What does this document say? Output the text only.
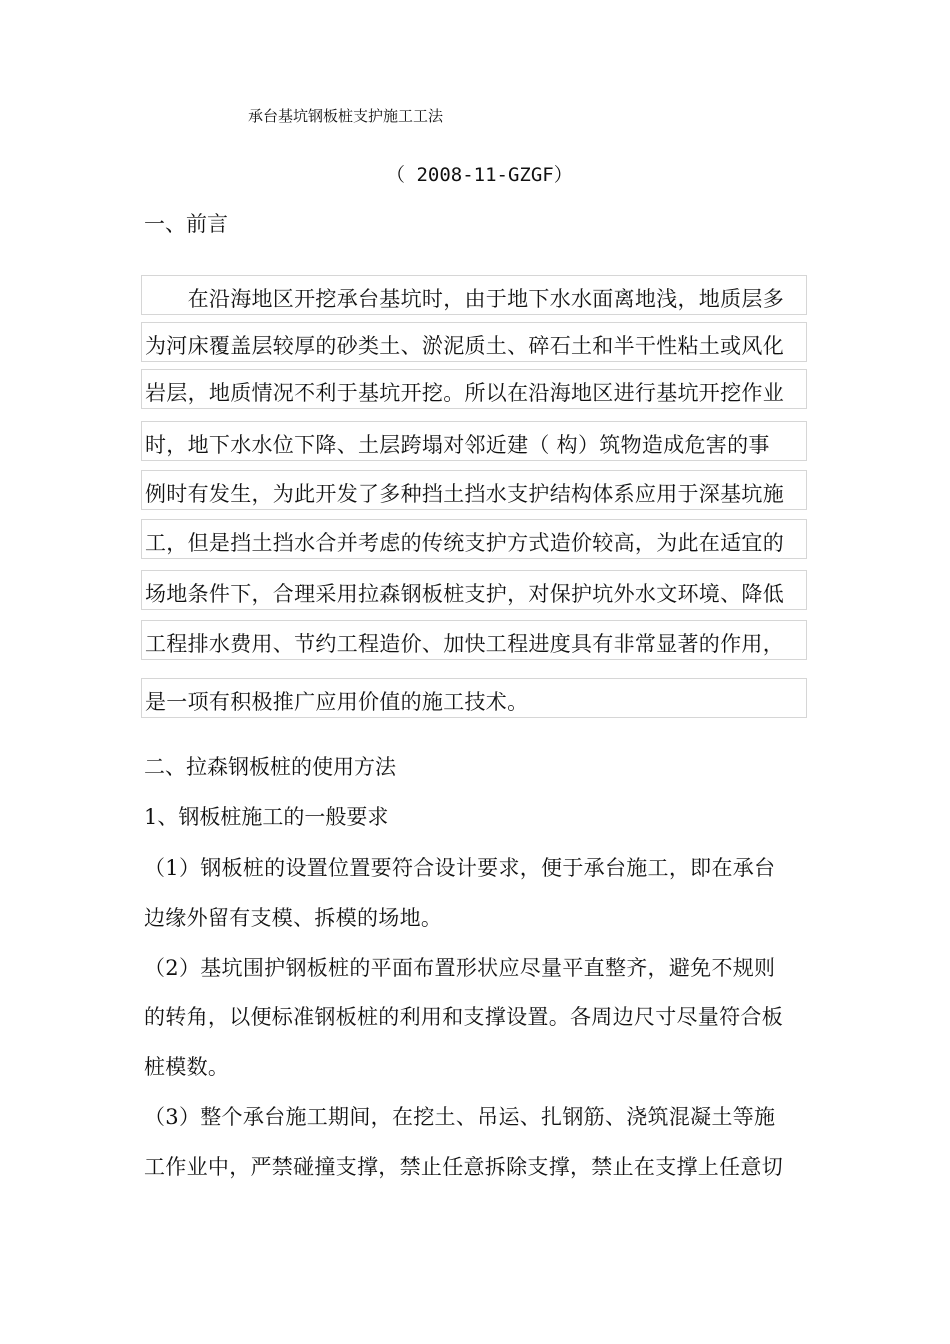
承台基坑钢板桩支护施工工法
（ 2008-11-GZGF）
一、前言
　　在沿海地区开挖承台基坑时，由于地下水水面离地浅，地质层多
为河床覆盖层较厚的砂类土、淤泥质土、碎石土和半干性粘土或风化
岩层，地质情况不利于基坑开挖。所以在沿海地区进行基坑开挖作业
时，地下水水位下降、土层跨塌对邻近建（ 构）筑物造成危害的事
例时有发生，为此开发了多种挡土挡水支护结构体系应用于深基坑施
工，但是挡土挡水合并考虑的传统支护方式造价较高，为此在适宜的
场地条件下，合理采用拉森钢板桩支护，对保护坑外水文环境、降低
工程排水费用、节约工程造价、加快工程进度具有非常显著的作用，
是一项有积极推广应用价值的施工技术。
二、拉森钢板桩的使用方法
1、钢板桩施工的一般要求
（1）钢板桩的设置位置要符合设计要求，便于承台施工，即在承台
边缘外留有支模、拆模的场地。
（2）基坑围护钢板桩的平面布置形状应尽量平直整齐，避免不规则
的转角，以便标准钢板桩的利用和支撑设置。各周边尺寸尽量符合板
桩模数。
（3）整个承台施工期间，在挖土、吊运、扎钢筋、浇筑混凝土等施
工作业中，严禁碰撞支撑，禁止任意拆除支撑，禁止在支撑上任意切
